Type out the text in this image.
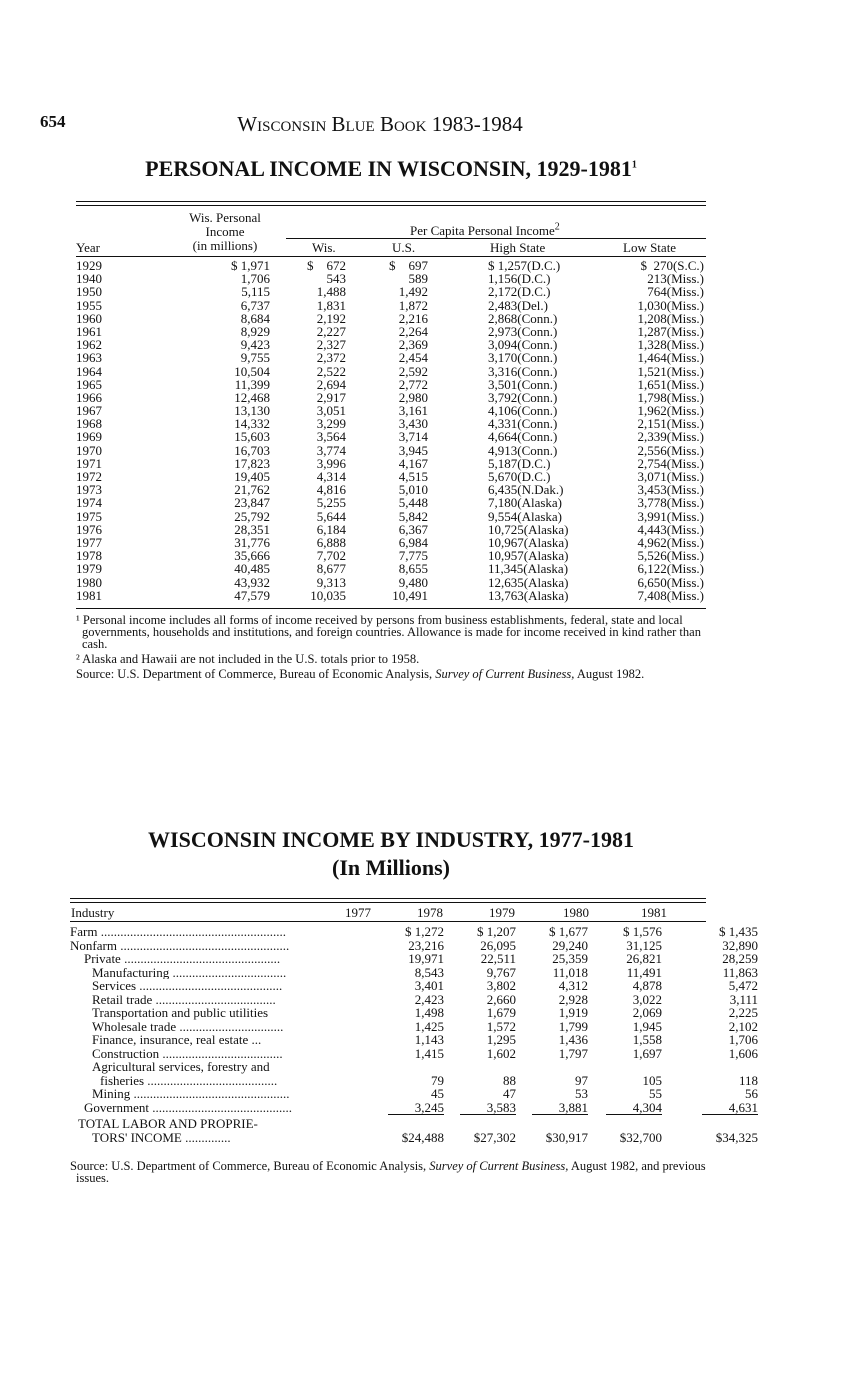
654	Wisconsin Blue Book 1983-1984
PERSONAL INCOME IN WISCONSIN, 1929-1981$^1$
Wis. Personal
Income
(in millions)
Per Capita Personal Income$^2$
Year	Wis.	U.S.	High State	Low State
1929	$ 1,971	$    672	$    697	$ 1,257(D.C.)	$  270(S.C.)
1940	1,706	543	589	1,156(D.C.)	213(Miss.)
1950	5,115	1,488	1,492	2,172(D.C.)	764(Miss.)
1955	6,737	1,831	1,872	2,483(Del.)	1,030(Miss.)
1960	8,684	2,192	2,216	2,868(Conn.)	1,208(Miss.)
1961	8,929	2,227	2,264	2,973(Conn.)	1,287(Miss.)
1962	9,423	2,327	2,369	3,094(Conn.)	1,328(Miss.)
1963	9,755	2,372	2,454	3,170(Conn.)	1,464(Miss.)
1964	10,504	2,522	2,592	3,316(Conn.)	1,521(Miss.)
1965	11,399	2,694	2,772	3,501(Conn.)	1,651(Miss.)
1966	12,468	2,917	2,980	3,792(Conn.)	1,798(Miss.)
1967	13,130	3,051	3,161	4,106(Conn.)	1,962(Miss.)
1968	14,332	3,299	3,430	4,331(Conn.)	2,151(Miss.)
1969	15,603	3,564	3,714	4,664(Conn.)	2,339(Miss.)
1970	16,703	3,774	3,945	4,913(Conn.)	2,556(Miss.)
1971	17,823	3,996	4,167	5,187(D.C.)	2,754(Miss.)
1972	19,405	4,314	4,515	5,670(D.C.)	3,071(Miss.)
1973	21,762	4,816	5,010	6,435(N.Dak.)	3,453(Miss.)
1974	23,847	5,255	5,448	7,180(Alaska)	3,778(Miss.)
1975	25,792	5,644	5,842	9,554(Alaska)	3,991(Miss.)
1976	28,351	6,184	6,367	10,725(Alaska)	4,443(Miss.)
1977	31,776	6,888	6,984	10,967(Alaska)	4,962(Miss.)
1978	35,666	7,702	7,775	10,957(Alaska)	5,526(Miss.)
1979	40,485	8,677	8,655	11,345(Alaska)	6,122(Miss.)
1980	43,932	9,313	9,480	12,635(Alaska)	6,650(Miss.)
1981	47,579	10,035	10,491	13,763(Alaska)	7,408(Miss.)

¹ Personal income includes all forms of income received by persons from business establishments, federal, state and local governments, households and institutions, and foreign countries. Allowance is made for income received in kind rather than cash.

² Alaska and Hawaii are not included in the U.S. totals prior to 1958.

Source: U.S. Department of Commerce, Bureau of Economic Analysis, Survey of Current Business, August 1982.

WISCONSIN INCOME BY INDUSTRY, 1977-1981
(In Millions)
Industry	1977	1978	1979	1980	1981
Farm .........................................................	$ 1,272	$ 1,207	$ 1,677	$ 1,576	$ 1,435
Nonfarm ....................................................	23,216	26,095	29,240	31,125	32,890
Private ................................................	19,971	22,511	25,359	26,821	28,259
Manufacturing ...................................	8,543	9,767	11,018	11,491	11,863
Services ............................................	3,401	3,802	4,312	4,878	5,472
Retail trade .....................................	2,423	2,660	2,928	3,022	3,111
Transportation and public utilities	1,498	1,679	1,919	2,069	2,225
Wholesale trade ................................	1,425	1,572	1,799	1,945	2,102
Finance, insurance, real estate ...	1,143	1,295	1,436	1,558	1,706
Construction .....................................	1,415	1,602	1,797	1,697	1,606
Agricultural services, forestry and
fisheries ........................................	79	88	97	105	118
Mining ................................................	45	47	53	55	56
Government ...........................................	3,245	3,583	3,881	4,304	4,631
TOTAL LABOR AND PROPRIE-
TORS' INCOME ..............	$24,488	$27,302	$30,917	$32,700	$34,325

Source: U.S. Department of Commerce, Bureau of Economic Analysis, Survey of Current Business, August 1982, and previous issues.
